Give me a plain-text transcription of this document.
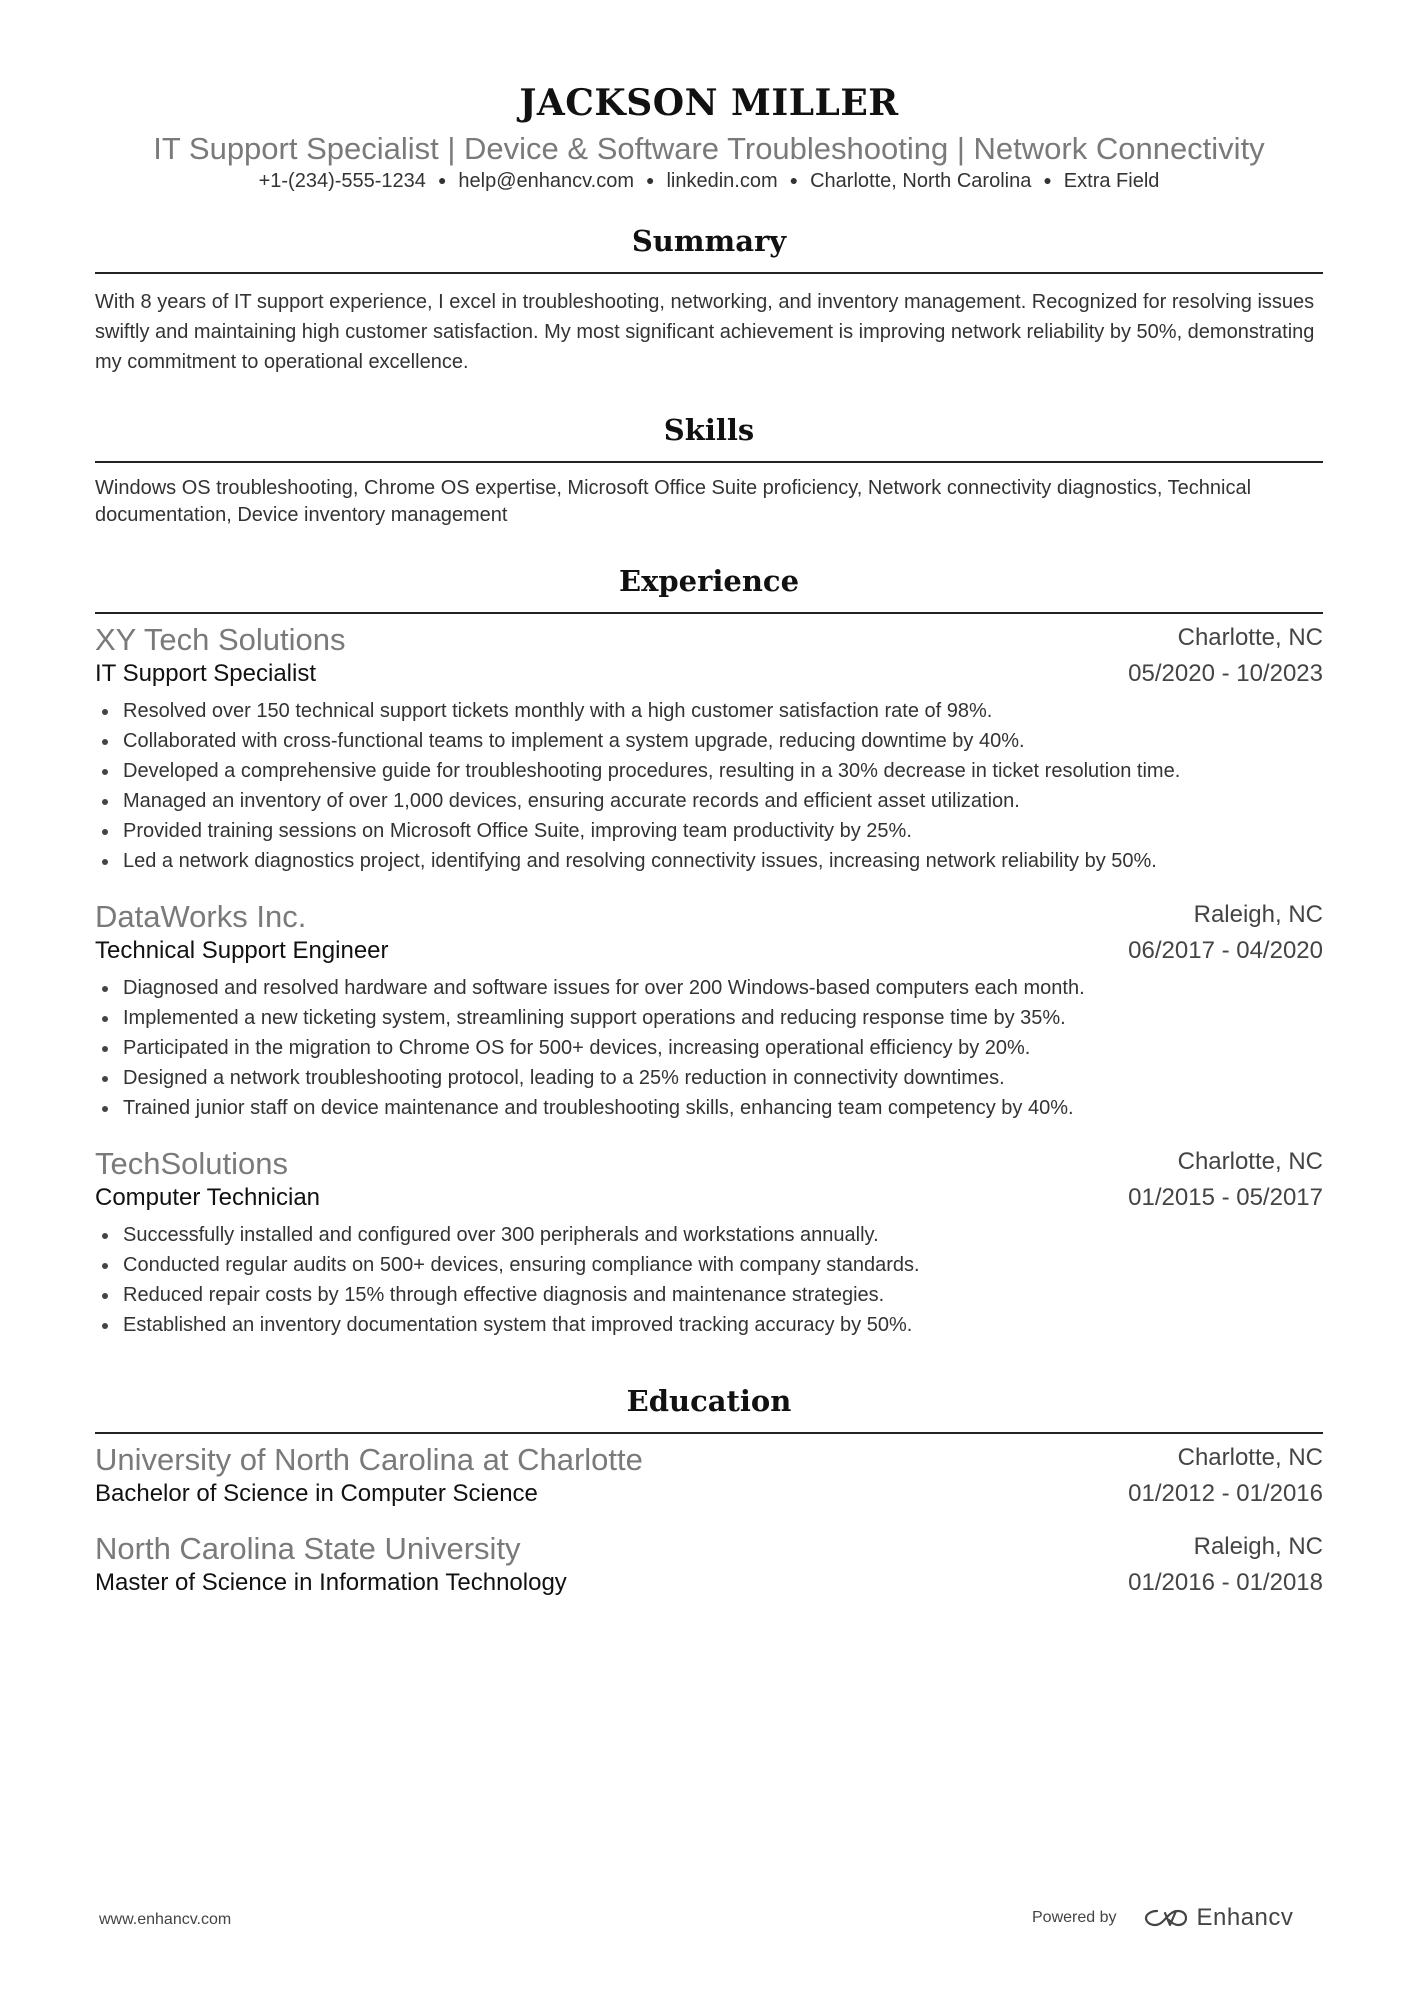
JACKSON MILLER
IT Support Specialist | Device & Software Troubleshooting | Network Connectivity
+1-(234)-555-1234 ● help@enhancv.com ● linkedin.com ● Charlotte, North Carolina ● Extra Field
Summary
With 8 years of IT support experience, I excel in troubleshooting, networking, and inventory management. Recognized for resolving issues swiftly and maintaining high customer satisfaction. My most significant achievement is improving network reliability by 50%, demonstrating my commitment to operational excellence.
Skills
Windows OS troubleshooting, Chrome OS expertise, Microsoft Office Suite proficiency, Network connectivity diagnostics, Technical documentation, Device inventory management
Experience
XY Tech Solutions	Charlotte, NC
IT Support Specialist	05/2020 - 10/2023
Resolved over 150 technical support tickets monthly with a high customer satisfaction rate of 98%.
Collaborated with cross-functional teams to implement a system upgrade, reducing downtime by 40%.
Developed a comprehensive guide for troubleshooting procedures, resulting in a 30% decrease in ticket resolution time.
Managed an inventory of over 1,000 devices, ensuring accurate records and efficient asset utilization.
Provided training sessions on Microsoft Office Suite, improving team productivity by 25%.
Led a network diagnostics project, identifying and resolving connectivity issues, increasing network reliability by 50%.
DataWorks Inc.	Raleigh, NC
Technical Support Engineer	06/2017 - 04/2020
Diagnosed and resolved hardware and software issues for over 200 Windows-based computers each month.
Implemented a new ticketing system, streamlining support operations and reducing response time by 35%.
Participated in the migration to Chrome OS for 500+ devices, increasing operational efficiency by 20%.
Designed a network troubleshooting protocol, leading to a 25% reduction in connectivity downtimes.
Trained junior staff on device maintenance and troubleshooting skills, enhancing team competency by 40%.
TechSolutions	Charlotte, NC
Computer Technician	01/2015 - 05/2017
Successfully installed and configured over 300 peripherals and workstations annually.
Conducted regular audits on 500+ devices, ensuring compliance with company standards.
Reduced repair costs by 15% through effective diagnosis and maintenance strategies.
Established an inventory documentation system that improved tracking accuracy by 50%.
Education
University of North Carolina at Charlotte	Charlotte, NC
Bachelor of Science in Computer Science	01/2012 - 01/2016
North Carolina State University	Raleigh, NC
Master of Science in Information Technology	01/2016 - 01/2018
www.enhancv.com	Powered by	Enhancv
